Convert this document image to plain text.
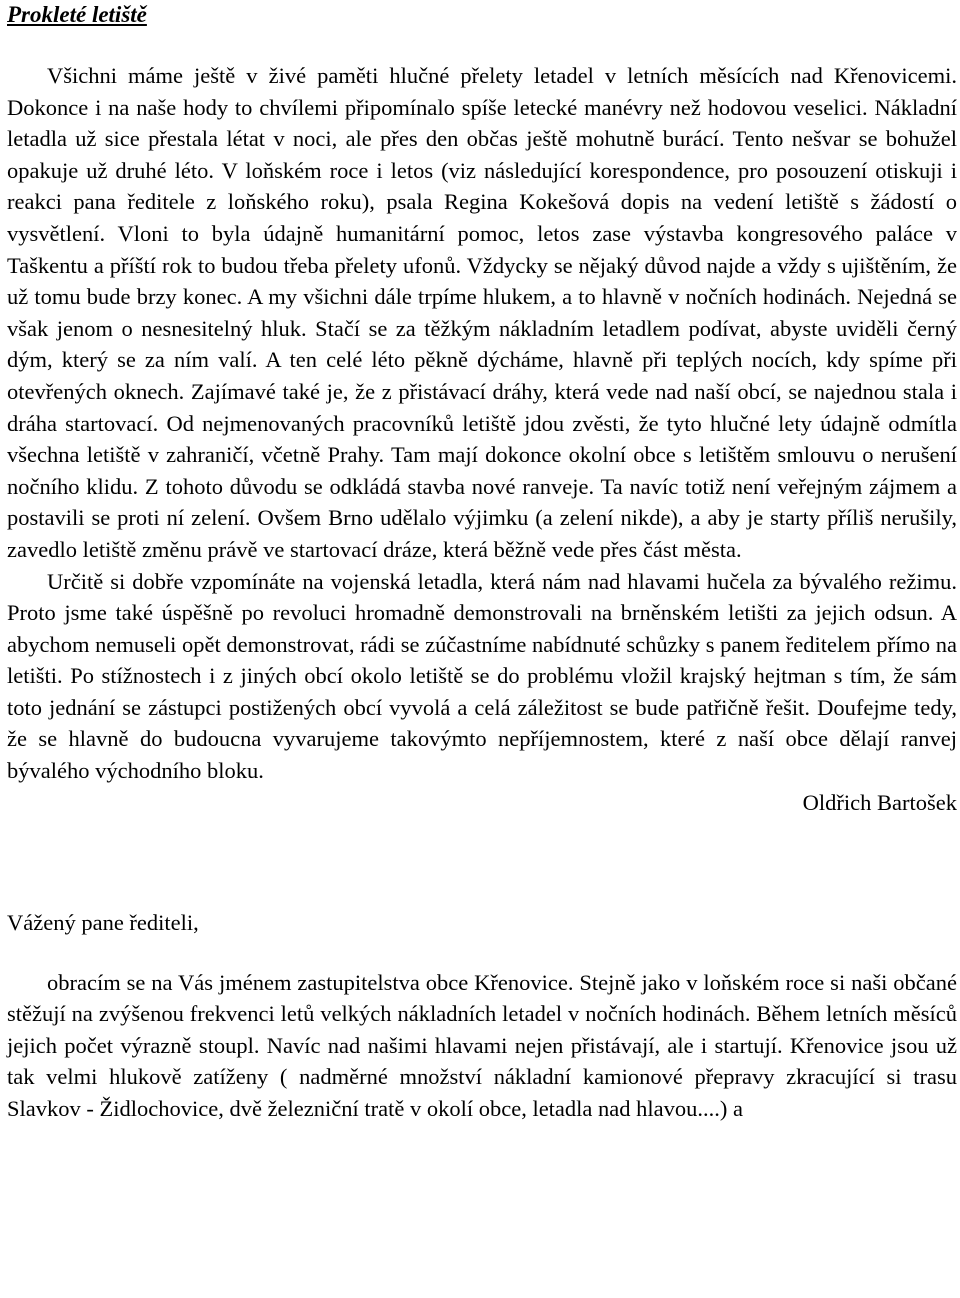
Prokleté letiště

Všichni máme ještě v živé paměti hlučné přelety letadel v letních měsících nad Křenovicemi. Dokonce i na naše hody to chvílemi připomínalo spíše letecké manévry než hodovou veselici. Nákladní letadla už sice přestala létat v noci, ale přes den občas ještě mohutně burácí. Tento nešvar se bohužel opakuje už druhé léto. V loňském roce i letos (viz následující korespondence, pro posouzení otiskuji i reakci pana ředitele z loňského roku), psala Regina Kokešová dopis na vedení letiště s žádostí o vysvětlení. Vloni to byla údajně humanitární pomoc, letos zase výstavba kongresového paláce v Taškentu a příští rok to budou třeba přelety ufonů. Vždycky se nějaký důvod najde a vždy s ujištěním, že už tomu bude brzy konec. A my všichni dále trpíme hlukem, a to hlavně v nočních hodinách. Nejedná se však jenom o nesnesitelný hluk. Stačí se za těžkým nákladním letadlem podívat, abyste uviděli černý dým, který se za ním valí. A ten celé léto pěkně dýcháme, hlavně při teplých nocích, kdy spíme při otevřených oknech. Zajímavé také je, že z přistávací dráhy, která vede nad naší obcí, se najednou stala i dráha startovací. Od nejmenovaných pracovníků letiště jdou zvěsti, že tyto hlučné lety údajně odmítla všechna letiště v zahraničí, včetně Prahy. Tam mají dokonce okolní obce s letištěm smlouvu o nerušení nočního klidu. Z tohoto důvodu se odkládá stavba nové ranveje. Ta navíc totiž není veřejným zájmem a postavili se proti ní zelení. Ovšem Brno udělalo výjimku (a zelení nikde), a aby je starty příliš nerušily, zavedlo letiště změnu právě ve startovací dráze, která běžně vede přes část města.

Určitě si dobře vzpomínáte na vojenská letadla, která nám nad hlavami hučela za bývalého režimu. Proto jsme také úspěšně po revoluci hromadně demonstrovali na brněnském letišti za jejich odsun. A abychom nemuseli opět demonstrovat, rádi se zúčastníme nabídnuté schůzky s panem ředitelem přímo na letišti. Po stížnostech i z jiných obcí okolo letiště se do problému vložil krajský hejtman s tím, že sám toto jednání se zástupci postižených obcí vyvolá a celá záležitost se bude patřičně řešit. Doufejme tedy, že se hlavně do budoucna vyvarujeme takovýmto nepříjemnostem, které z naší obce dělají ranvej bývalého východního bloku.

Oldřich Bartošek

Vážený pane řediteli,

obracím se na Vás jménem zastupitelstva obce Křenovice. Stejně jako v loňském roce si naši občané stěžují na zvýšenou frekvenci letů velkých nákladních letadel v nočních hodinách. Během letních měsíců jejich počet výrazně stoupl. Navíc nad našimi hlavami nejen přistávají, ale i startují. Křenovice jsou už tak velmi hlukově zatíženy ( nadměrné množství nákladní kamionové přepravy zkracující si trasu Slavkov - Židlochovice, dvě železniční tratě v okolí obce, letadla nad hlavou....) a
